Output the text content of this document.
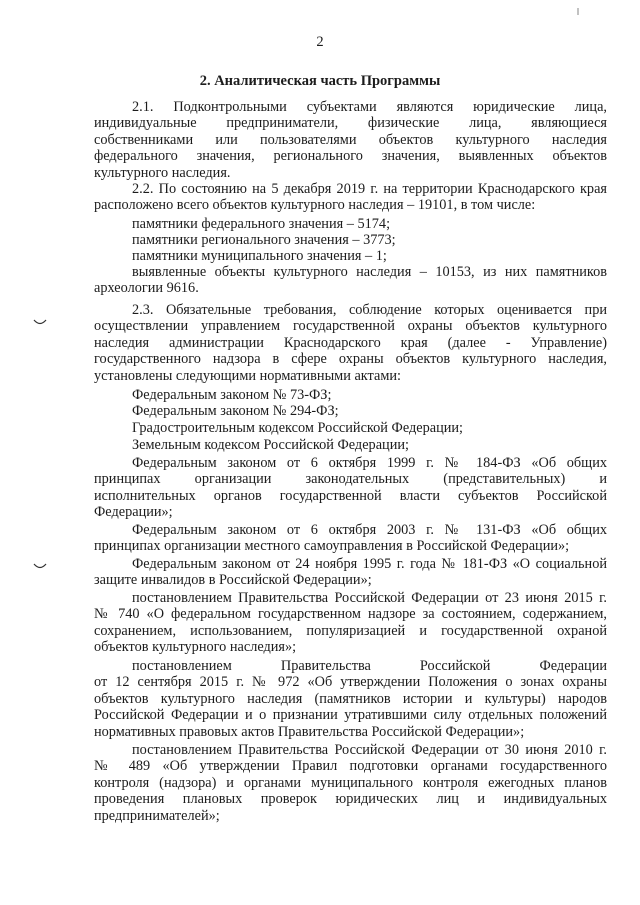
2
2. Аналитическая часть Программы
2.1. Подконтрольными субъектами являются юридические лица,
индивидуальные предприниматели, физические лица, являющиеся
собственниками или пользователями объектов культурного наследия
федерального значения, регионального значения, выявленных объектов
культурного наследия.
2.2. По состоянию на 5 декабря 2019 г. на территории Краснодарского края
расположено всего объектов культурного наследия – 19101, в том числе:
памятники федерального значения – 5174;
памятники регионального значения – 3773;
памятники муниципального значения – 1;
выявленные объекты культурного наследия – 10153, из них памятников
археологии 9616.
2.3. Обязательные требования, соблюдение которых оценивается при
осуществлении управлением государственной охраны объектов культурного
наследия администрации Краснодарского края (далее - Управление)
государственного надзора в сфере охраны объектов культурного наследия,
установлены следующими нормативными актами:
Федеральным законом № 73-ФЗ;
Федеральным законом № 294-ФЗ;
Градостроительным кодексом Российской Федерации;
Земельным кодексом Российской Федерации;
Федеральным законом от 6 октября 1999 г. № 184-ФЗ «Об общих
принципах организации законодательных (представительных) и
исполнительных органов государственной власти субъектов Российской
Федерации»;
Федеральным законом от 6 октября 2003 г. № 131-ФЗ «Об общих
принципах организации местного самоуправления в Российской Федерации»;
Федеральным законом от 24 ноября 1995 г. года № 181-ФЗ «О социальной
защите инвалидов в Российской Федерации»;
постановлением Правительства Российской Федерации от 23 июня 2015 г.
№ 740 «О федеральном государственном надзоре за состоянием, содержанием,
сохранением, использованием, популяризацией и государственной охраной
объектов культурного наследия»;
постановлением Правительства Российской Федерации
от 12 сентября 2015 г. № 972 «Об утверждении Положения о зонах охраны
объектов культурного наследия (памятников истории и культуры) народов
Российской Федерации и о признании утратившими силу отдельных положений
нормативных правовых актов Правительства Российской Федерации»;
постановлением Правительства Российской Федерации от 30 июня 2010 г.
№ 489 «Об утверждении Правил подготовки органами государственного
контроля (надзора) и органами муниципального контроля ежегодных планов
проведения плановых проверок юридических лиц и индивидуальных
предпринимателей»;
